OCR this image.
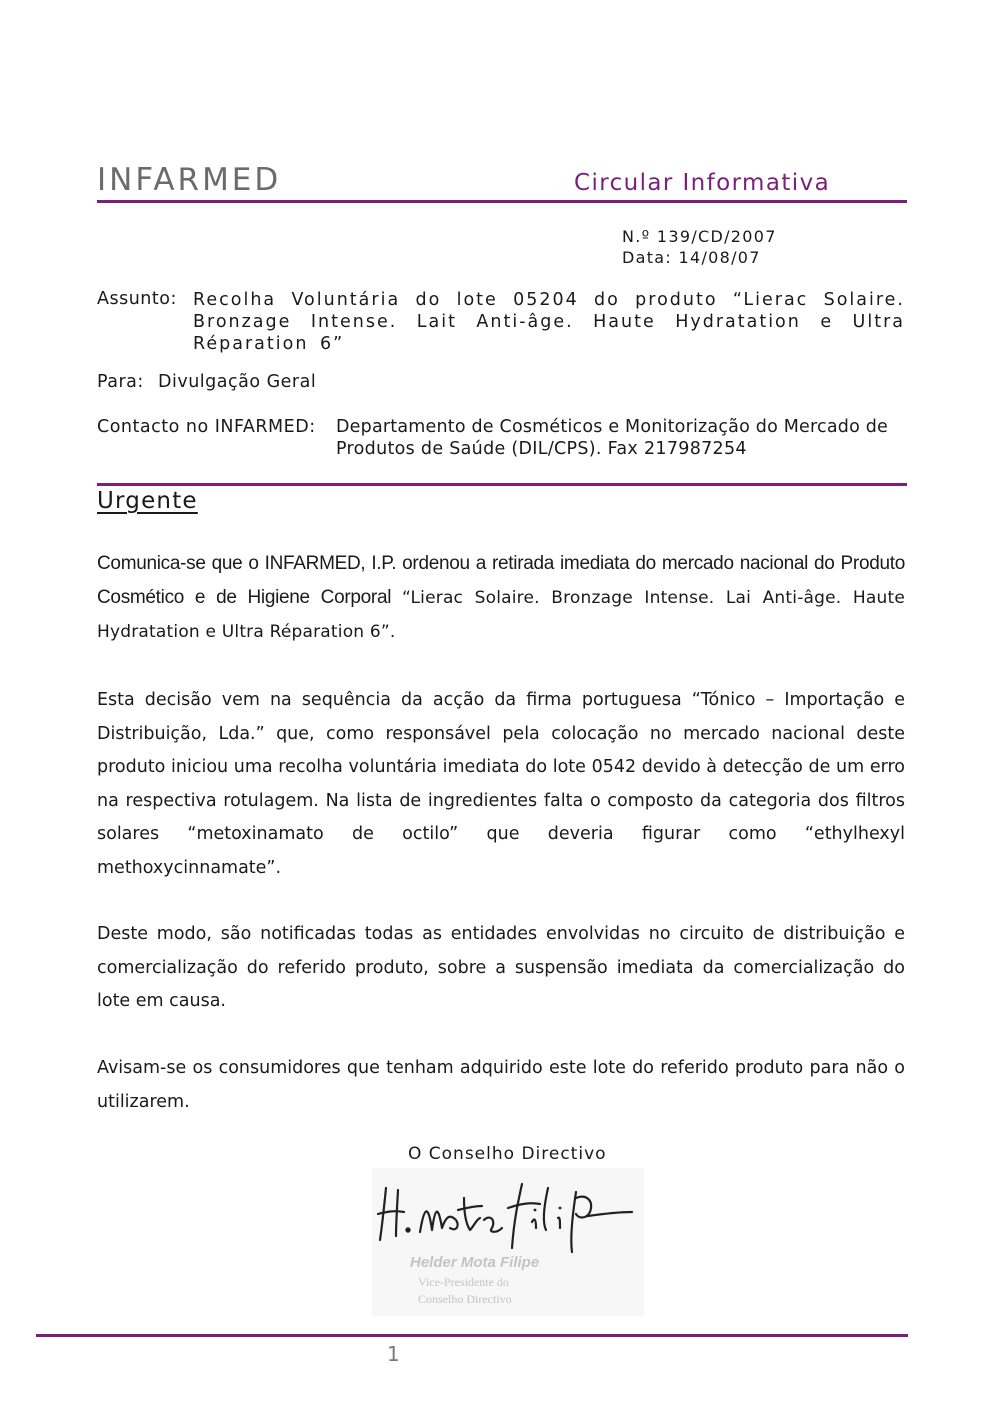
INFARMED	Circular Informativa
N.º 139/CD/2007
Data: 14/08/07
Assunto: Recolha Voluntária do lote 05204 do produto “Lierac Solaire. Bronzage Intense. Lait Anti-âge. Haute Hydratation e Ultra Réparation 6”
Para: Divulgação Geral
Contacto no INFARMED: Departamento de Cosméticos e Monitorização do Mercado de
Produtos de Saúde (DIL/CPS). Fax 217987254
Urgente
Comunica-se que o INFARMED, I.P. ordenou a retirada imediata do mercado nacional do Produto Cosmético e de Higiene Corporal “Lierac Solaire. Bronzage Intense. Lai Anti-âge. Haute Hydratation e Ultra Réparation 6”.
Esta decisão vem na sequência da acção da firma portuguesa “Tónico – Importação e Distribuição, Lda.” que, como responsável pela colocação no mercado nacional deste produto iniciou uma recolha voluntária imediata do lote 0542 devido à detecção de um erro na respectiva rotulagem. Na lista de ingredientes falta o composto da categoria dos filtros solares “metoxinamato de octilo” que deveria figurar como “ethylhexyl methoxycinnamate”.
Deste modo, são notificadas todas as entidades envolvidas no circuito de distribuição e comercialização do referido produto, sobre a suspensão imediata da comercialização do lote em causa.
Avisam-se os consumidores que tenham adquirido este lote do referido produto para não o utilizarem.
O Conselho Directivo
Helder Mota Filipe
Vice-Presidente do
Conselho Directivo
1
